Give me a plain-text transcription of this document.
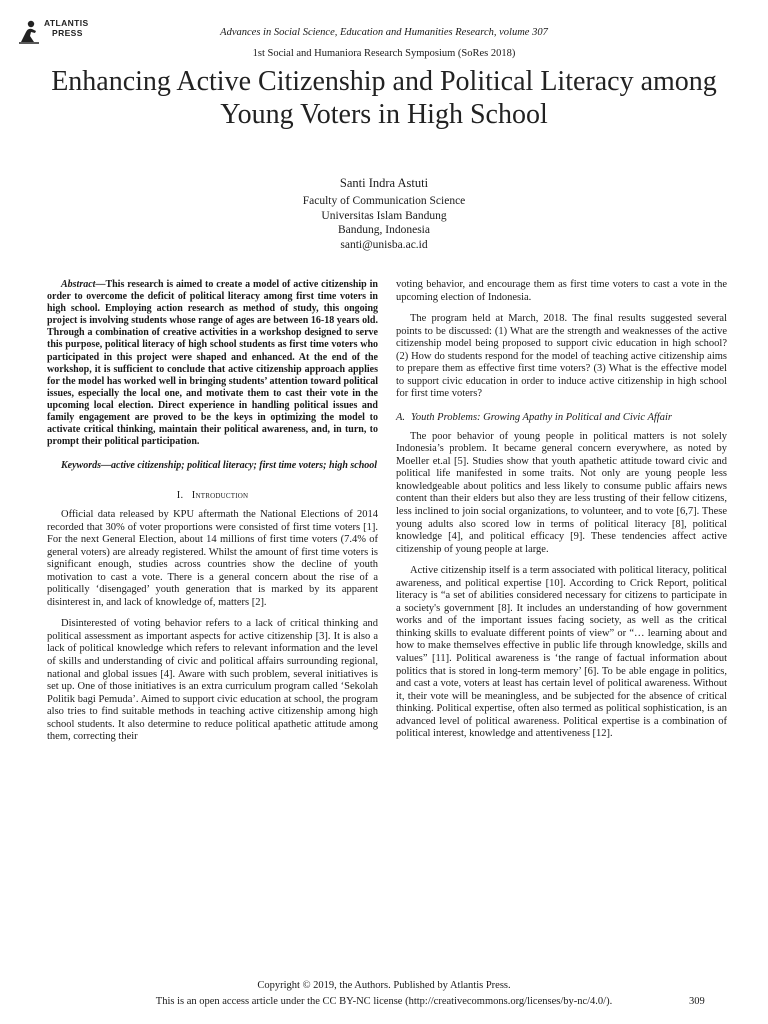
ATLANTIS
PRESS	Advances in Social Science, Education and Humanities Research, volume 307
1st Social and Humaniora Research Symposium (SoRes 2018)
Enhancing Active Citizenship and Political Literacy among Young Voters in High School
Santi Indra Astuti
Faculty of Communication Science
Universitas Islam Bandung
Bandung, Indonesia
santi@unisba.ac.id

Abstract—This research is aimed to create a model of active citizenship in order to overcome the deficit of political literacy among first time voters in high school. Employing action research as method of study, this ongoing project is involving students whose range of ages are between 16-18 years old. Through a combination of creative activities in a workshop designed to serve this purpose, political literacy of high school students as first time voters who participated in this project were shaped and enhanced. At the end of the workshop, it is sufficient to conclude that active citizenship approach applies for the model has worked well in bringing students’ attention toward political issues, especially the local one, and motivate them to cast their vote in the upcoming local election. Direct experience in handling political issues and family engagement are proved to be the keys in optimizing the model to activate critical thinking, maintain their political awareness, and, in turn, to prompt their political participation.

Keywords—active citizenship; political literacy; first time voters; high school

I. Introduction

Official data released by KPU aftermath the National Elections of 2014 recorded that 30% of voter proportions were consisted of first time voters [1]. For the next General Election, about 14 millions of first time voters (7.4% of general voters) are already registered. Whilst the amount of first time voters is significant enough, studies across countries show the decline of youth motivation to cast a vote. There is a general concern about the rise of a politically ‘disengaged’ youth generation that is marked by its apparent disinterest in, and lack of knowledge of, matters [2].

Disinterested of voting behavior refers to a lack of critical thinking and political assessment as important aspects for active citizenship [3]. It is also a lack of political knowledge which refers to relevant information and the level of skills and understanding of civic and political affairs surrounding regional, national and global issues [4]. Aware with such problem, several initiatives is set up. One of those initiatives is an extra curriculum program called ‘Sekolah Politik bagi Pemuda’. Aimed to support civic education at school, the program also tries to find suitable methods in teaching active citizenship among high school students. It also determine to reduce political apathetic attitude among them, correcting their

voting behavior, and encourage them as first time voters to cast a vote in the upcoming election of Indonesia.

The program held at March, 2018. The final results suggested several points to be discussed: (1) What are the strength and weaknesses of the active citizenship model being proposed to support civic education in high school? (2) How do students respond for the model of teaching active citizenship aims to prepare them as effective first time voters? (3) What is the effective model to support civic education in order to induce active citizenship in high school for first time voters?

A. Youth Problems: Growing Apathy in Political and Civic Affair

The poor behavior of young people in political matters is not solely Indonesia’s problem. It became general concern everywhere, as noted by Moeller et.al [5]. Studies show that youth apathetic attitude toward civic and political life manifested in some traits. Not only are young people less knowledgeable about politics and less likely to consume public affairs news content than their elders but also they are less trusting of their fellow citizens, less inclined to join social organizations, to volunteer, and to vote [6,7]. These young adults also scored low in terms of political literacy [8], political knowledge [4], and political efficacy [9]. These tendencies affect active citizenship of young people at large.

Active citizenship itself is a term associated with political literacy, political awareness, and political expertise [10]. According to Crick Report, political literacy is “a set of abilities considered necessary for citizens to participate in a society's government [8]. It includes an understanding of how government works and of the important issues facing society, as well as the critical thinking skills to evaluate different points of view” or “… learning about and how to make themselves effective in public life through knowledge, skills and values” [11]. Political awareness is ‘the range of factual information about politics that is stored in long-term memory’ [6]. To be able engage in politics, and cast a vote, voters at least has certain level of political awareness. Without it, their vote will be meaningless, and be subjected for the absence of critical thinking. Political expertise, often also termed as political sophistication, is an advanced level of political awareness. Political expertise is a combination of political interest, knowledge and attentiveness [12].

Copyright © 2019, the Authors. Published by Atlantis Press.
This is an open access article under the CC BY-NC license (http://creativecommons.org/licenses/by-nc/4.0/).	309
